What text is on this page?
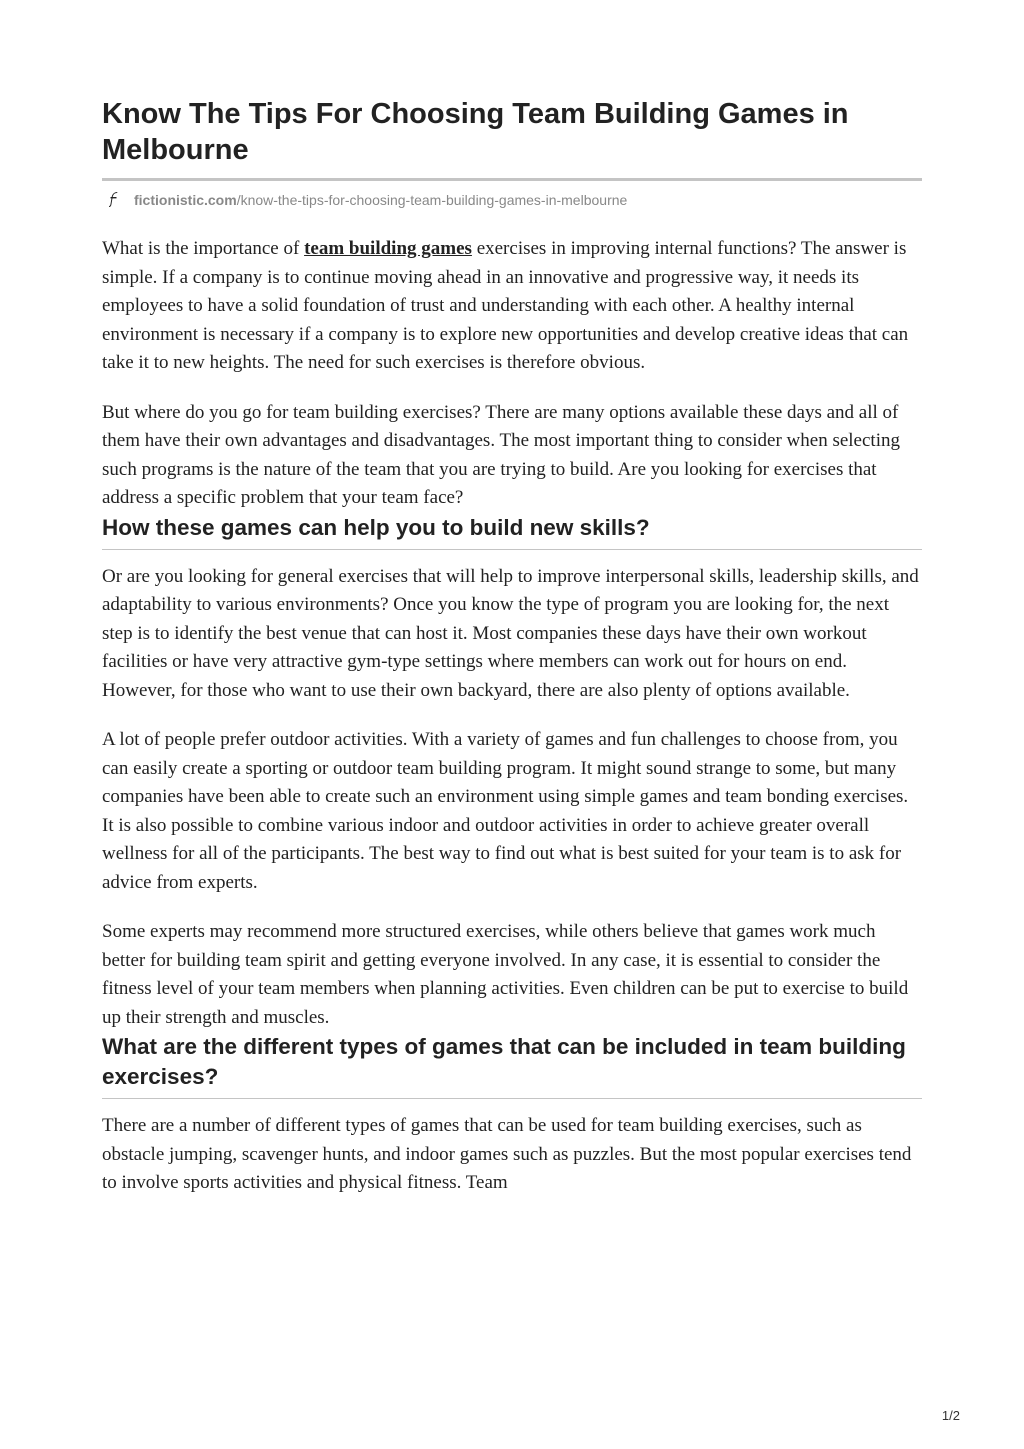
Know The Tips For Choosing Team Building Games in Melbourne
fictionistic.com /know-the-tips-for-choosing-team-building-games-in-melbourne

What is the importance of team building games exercises in improving internal functions? The answer is simple. If a company is to continue moving ahead in an innovative and progressive way, it needs its employees to have a solid foundation of trust and understanding with each other. A healthy internal environment is necessary if a company is to explore new opportunities and develop creative ideas that can take it to new heights. The need for such exercises is therefore obvious.

But where do you go for team building exercises? There are many options available these days and all of them have their own advantages and disadvantages. The most important thing to consider when selecting such programs is the nature of the team that you are trying to build. Are you looking for exercises that address a specific problem that your team face?

How these games can help you to build new skills?

Or are you looking for general exercises that will help to improve interpersonal skills, leadership skills, and adaptability to various environments? Once you know the type of program you are looking for, the next step is to identify the best venue that can host it. Most companies these days have their own workout facilities or have very attractive gym-type settings where members can work out for hours on end. However, for those who want to use their own backyard, there are also plenty of options available.

A lot of people prefer outdoor activities. With a variety of games and fun challenges to choose from, you can easily create a sporting or outdoor team building program. It might sound strange to some, but many companies have been able to create such an environment using simple games and team bonding exercises. It is also possible to combine various indoor and outdoor activities in order to achieve greater overall wellness for all of the participants. The best way to find out what is best suited for your team is to ask for advice from experts.

Some experts may recommend more structured exercises, while others believe that games work much better for building team spirit and getting everyone involved. In any case, it is essential to consider the fitness level of your team members when planning activities. Even children can be put to exercise to build up their strength and muscles.

What are the different types of games that can be included in team building exercises?

There are a number of different types of games that can be used for team building exercises, such as obstacle jumping, scavenger hunts, and indoor games such as puzzles. But the most popular exercises tend to involve sports activities and physical fitness. Team

1/2
